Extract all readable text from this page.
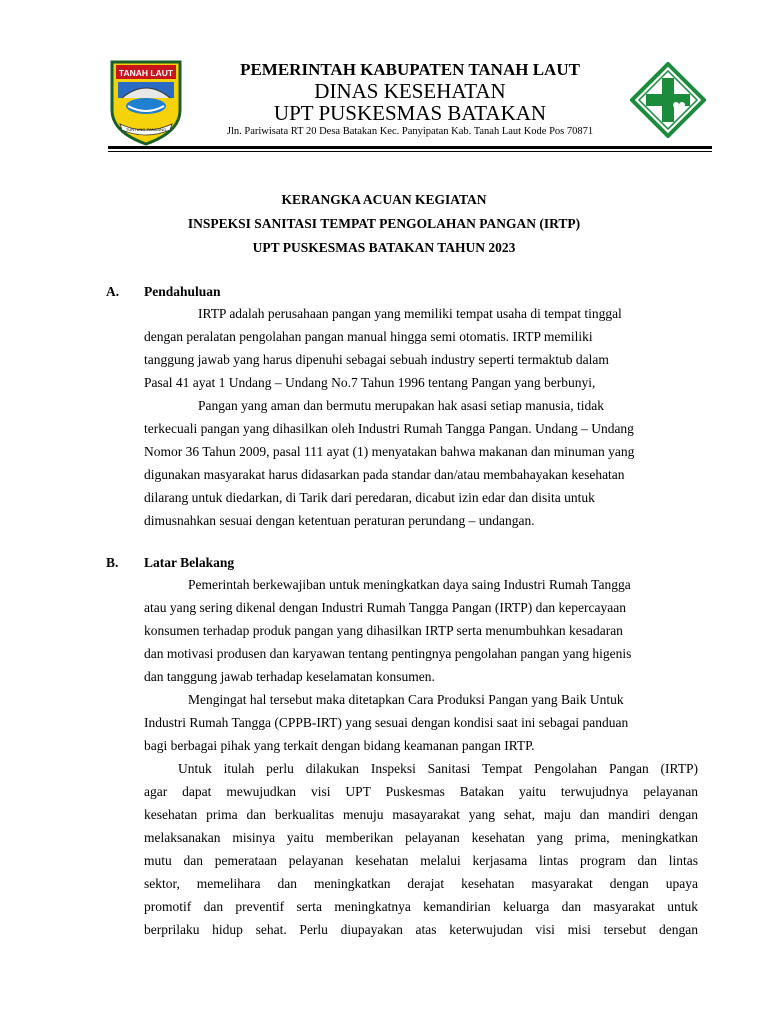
TANAH LAUT
TUNTUNG PANDANG
PEMERINTAH KABUPATEN TANAH LAUT
DINAS KESEHATAN
UPT PUSKESMAS BATAKAN
Jln. Pariwisata RT 20 Desa Batakan Kec. Panyipatan Kab. Tanah Laut Kode Pos 70871
KERANGKA ACUAN KEGIATAN
INSPEKSI SANITASI TEMPAT PENGOLAHAN PANGAN (IRTP)
UPT PUSKESMAS BATAKAN TAHUN 2023
A. Pendahuluan
IRTP adalah perusahaan pangan yang memiliki tempat usaha di tempat tinggal
dengan peralatan pengolahan pangan manual hingga semi otomatis. IRTP memiliki
tanggung jawab yang harus dipenuhi sebagai sebuah industry seperti termaktub dalam
Pasal 41 ayat 1 Undang – Undang No.7 Tahun 1996 tentang Pangan yang berbunyi,
Pangan yang aman dan bermutu merupakan hak asasi setiap manusia, tidak
terkecuali pangan yang dihasilkan oleh Industri Rumah Tangga Pangan. Undang – Undang
Nomor 36 Tahun 2009, pasal 111 ayat (1) menyatakan bahwa makanan dan minuman yang
digunakan masyarakat harus didasarkan pada standar dan/atau membahayakan kesehatan
dilarang untuk diedarkan, di Tarik dari peredaran, dicabut izin edar dan disita untuk
dimusnahkan sesuai dengan ketentuan peraturan perundang – undangan.
B. Latar Belakang
Pemerintah berkewajiban untuk meningkatkan daya saing Industri Rumah Tangga
atau yang sering dikenal dengan Industri Rumah Tangga Pangan (IRTP) dan kepercayaan
konsumen terhadap produk pangan yang dihasilkan IRTP serta menumbuhkan kesadaran
dan motivasi produsen dan karyawan tentang pentingnya pengolahan pangan yang higenis
dan tanggung jawab terhadap keselamatan konsumen.
Mengingat hal tersebut maka ditetapkan Cara Produksi Pangan yang Baik Untuk
Industri Rumah Tangga (CPPB-IRT) yang sesuai dengan kondisi saat ini sebagai panduan
bagi berbagai pihak yang terkait dengan bidang keamanan pangan IRTP.
Untuk itulah perlu dilakukan Inspeksi Sanitasi Tempat Pengolahan Pangan (IRTP)
agar dapat mewujudkan visi UPT Puskesmas Batakan yaitu terwujudnya pelayanan
kesehatan prima dan berkualitas menuju masayarakat yang sehat, maju dan mandiri dengan
melaksanakan misinya yaitu memberikan pelayanan kesehatan yang prima, meningkatkan
mutu dan pemerataan pelayanan kesehatan melalui kerjasama lintas program dan lintas
sektor, memelihara dan meningkatkan derajat kesehatan masyarakat dengan upaya
promotif dan preventif serta meningkatnya kemandirian keluarga dan masyarakat untuk
berprilaku hidup sehat. Perlu diupayakan atas keterwujudan visi misi tersebut dengan
